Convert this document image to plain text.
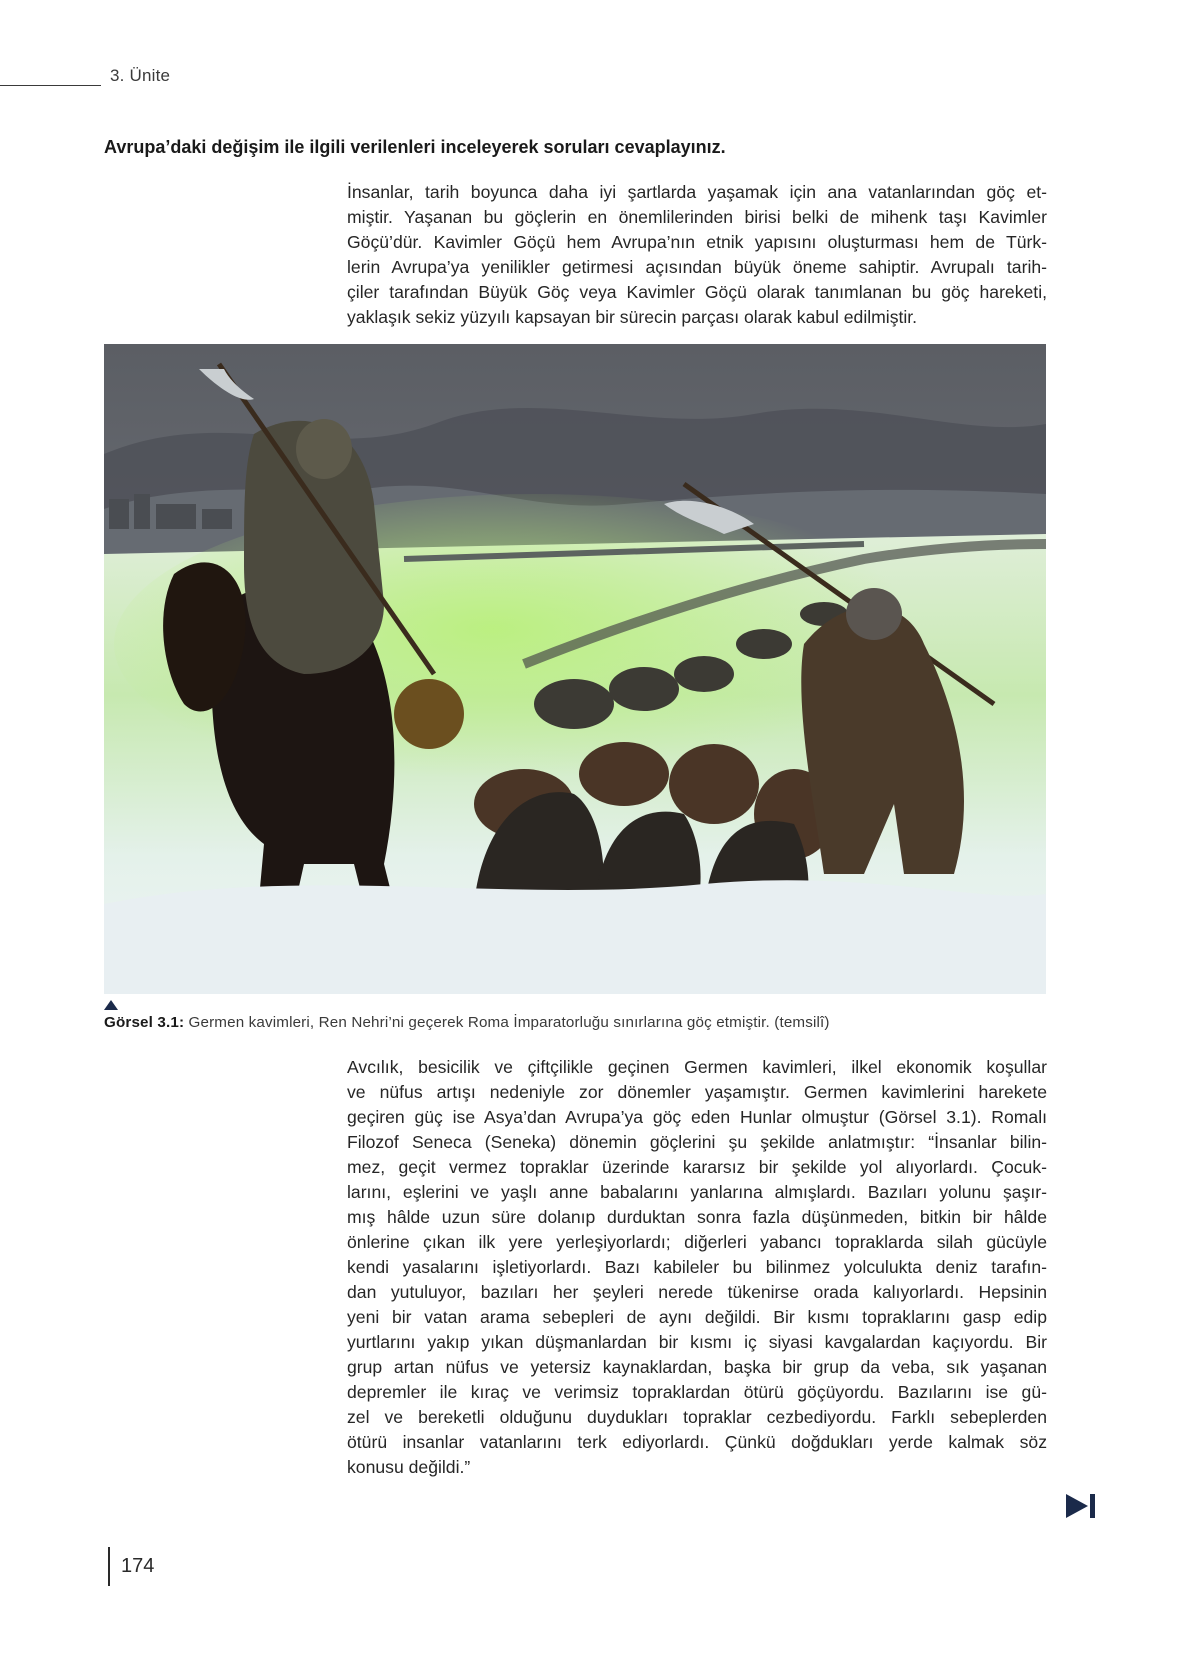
3. Ünite
Avrupa’daki değişim ile ilgili verilenleri inceleyerek soruları cevaplayınız.

İnsanlar, tarih boyunca daha iyi şartlarda yaşamak için ana vatanlarından göç et-
miştir. Yaşanan bu göçlerin en önemlilerinden birisi belki de mihenk taşı Kavimler
Göçü’dür. Kavimler Göçü hem Avrupa’nın etnik yapısını oluşturması hem de Türk-
lerin Avrupa’ya yenilikler getirmesi açısından büyük öneme sahiptir. Avrupalı tarih-
çiler tarafından Büyük Göç veya Kavimler Göçü olarak tanımlanan bu göç hareketi,
yaklaşık sekiz yüzyılı kapsayan bir sürecin parçası olarak kabul edilmiştir.

Görsel 3.1: Germen kavimleri, Ren Nehri’ni geçerek Roma İmparatorluğu sınırlarına göç etmiştir. (temsilî)

Avcılık, besicilik ve çiftçilikle geçinen Germen kavimleri, ilkel ekonomik koşullar
ve nüfus artışı nedeniyle zor dönemler yaşamıştır. Germen kavimlerini harekete
geçiren güç ise Asya’dan Avrupa’ya göç eden Hunlar olmuştur (Görsel 3.1). Romalı
Filozof Seneca (Seneka) dönemin göçlerini şu şekilde anlatmıştır: “İnsanlar bilin-
mez, geçit vermez topraklar üzerinde kararsız bir şekilde yol alıyorlardı. Çocuk-
larını, eşlerini ve yaşlı anne babalarını yanlarına almışlardı. Bazıları yolunu şaşır-
mış hâlde uzun süre dolanıp durduktan sonra fazla düşünmeden, bitkin bir hâlde
önlerine çıkan ilk yere yerleşiyorlardı; diğerleri yabancı topraklarda silah gücüyle
kendi yasalarını işletiyorlardı. Bazı kabileler bu bilinmez yolculukta deniz tarafın-
dan yutuluyor, bazıları her şeyleri nerede tükenirse orada kalıyorlardı. Hepsinin
yeni bir vatan arama sebepleri de aynı değildi. Bir kısmı topraklarını gasp edip
yurtlarını yakıp yıkan düşmanlardan bir kısmı iç siyasi kavgalardan kaçıyordu. Bir
grup artan nüfus ve yetersiz kaynaklardan, başka bir grup da veba, sık yaşanan
depremler ile kıraç ve verimsiz topraklardan ötürü göçüyordu. Bazılarını ise gü-
zel ve bereketli olduğunu duydukları topraklar cezbediyordu. Farklı sebeplerden
ötürü insanlar vatanlarını terk ediyorlardı. Çünkü doğdukları yerde kalmak söz
konusu değildi.”

174
